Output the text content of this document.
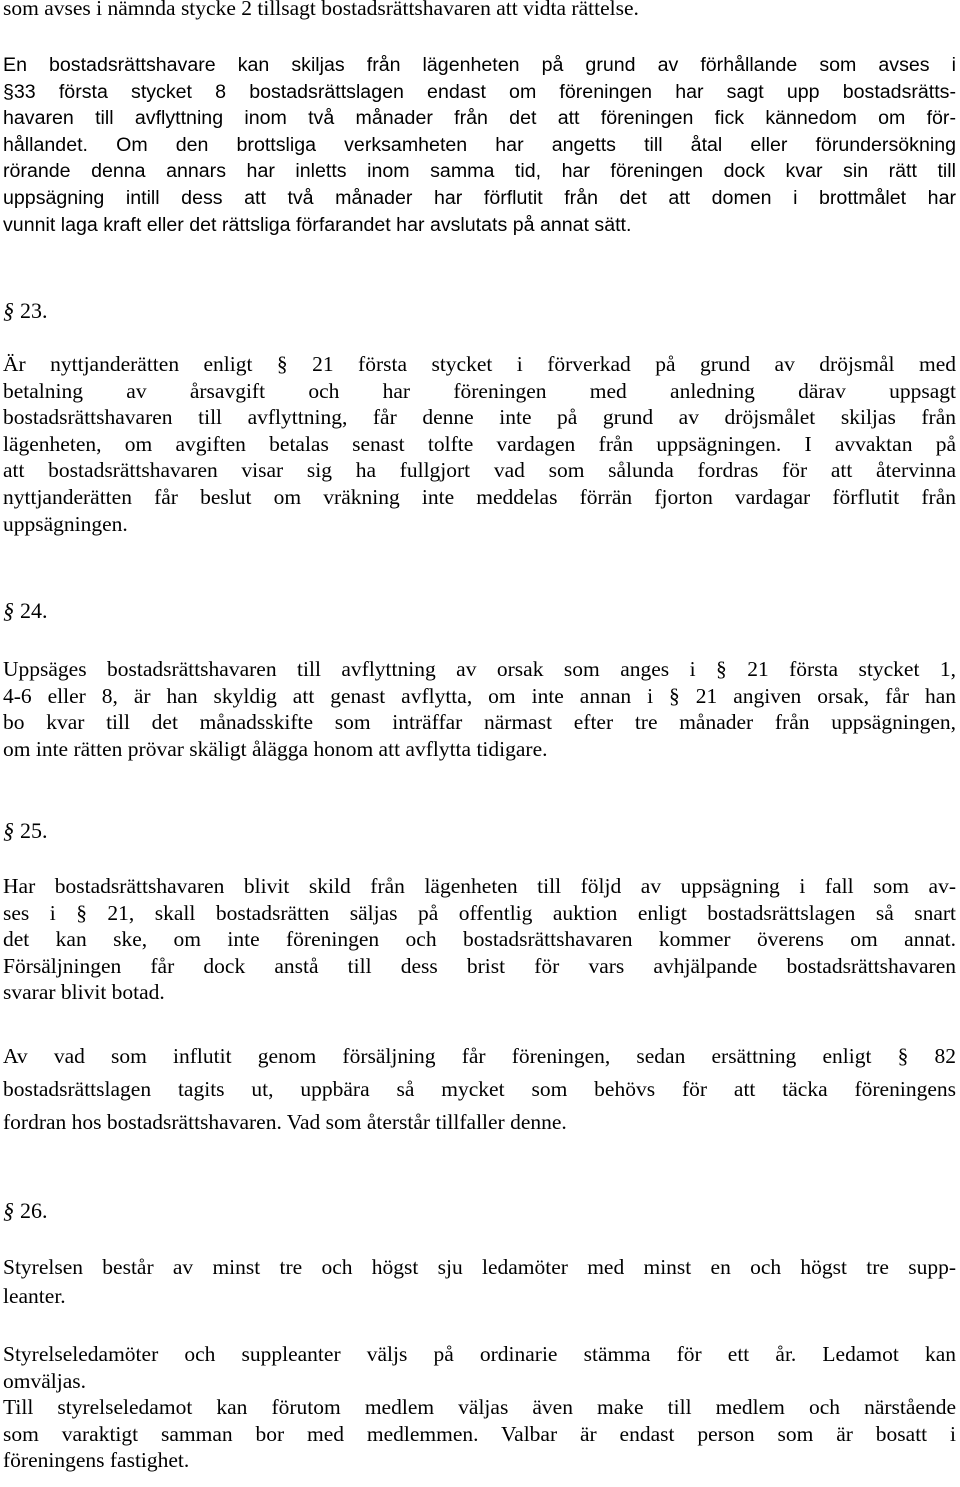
som avses i nämnda stycke 2 tillsagt bostadsrättshavaren att vidta rättelse.
En bostadsrättshavare kan skiljas från lägenheten på grund av förhållande som avses i
§33 första stycket 8 bostadsrättslagen endast om föreningen har sagt upp bostadsrätts-
havaren till avflyttning inom två månader från det att föreningen fick kännedom om för-
hållandet. Om den brottsliga verksamheten har angetts till åtal eller förundersökning
rörande denna annars har inletts inom samma tid, har föreningen dock kvar sin rätt till
uppsägning intill dess att två månader har förflutit från det att domen i brottmålet har
vunnit laga kraft eller det rättsliga förfarandet har avslutats på annat sätt.
§ 23.
Är nyttjanderätten enligt § 21 första stycket i förverkad på grund av dröjsmål med
betalning av årsavgift och har föreningen med anledning därav uppsagt
bostadsrättshavaren till avflyttning, får denne inte på grund av dröjsmålet skiljas från
lägenheten, om avgiften betalas senast tolfte vardagen från uppsägningen. I avvaktan på
att bostadsrättshavaren visar sig ha fullgjort vad som sålunda fordras för att återvinna
nyttjanderätten får beslut om vräkning inte meddelas förrän fjorton vardagar förflutit från
uppsägningen.
§ 24.
Uppsäges bostadsrättshavaren till avflyttning av orsak som anges i § 21 första stycket 1,
4-6 eller 8, är han skyldig att genast avflytta, om inte annan i § 21 angiven orsak, får han
bo kvar till det månadsskifte som inträffar närmast efter tre månader från uppsägningen,
om inte rätten prövar skäligt ålägga honom att avflytta tidigare.
§ 25.
Har bostadsrättshavaren blivit skild från lägenheten till följd av uppsägning i fall som av-
ses i § 21, skall bostadsrätten säljas på offentlig auktion enligt bostadsrättslagen så snart
det kan ske, om inte föreningen och bostadsrättshavaren kommer överens om annat.
Försäljningen får dock anstå till dess brist för vars avhjälpande bostadsrättshavaren
svarar blivit botad.
Av vad som influtit genom försäljning får föreningen, sedan ersättning enligt § 82
bostadsrättslagen tagits ut, uppbära så mycket som behövs för att täcka föreningens
fordran hos bostadsrättshavaren. Vad som återstår tillfaller denne.
§ 26.
Styrelsen består av minst tre och högst sju ledamöter med minst en och högst tre supp-
leanter.
Styrelseledamöter och suppleanter väljs på ordinarie stämma för ett år. Ledamot kan
omväljas.
Till styrelseledamot kan förutom medlem väljas även make till medlem och närstående
som varaktigt samman bor med medlemmen. Valbar är endast person som är bosatt i
föreningens fastighet.
